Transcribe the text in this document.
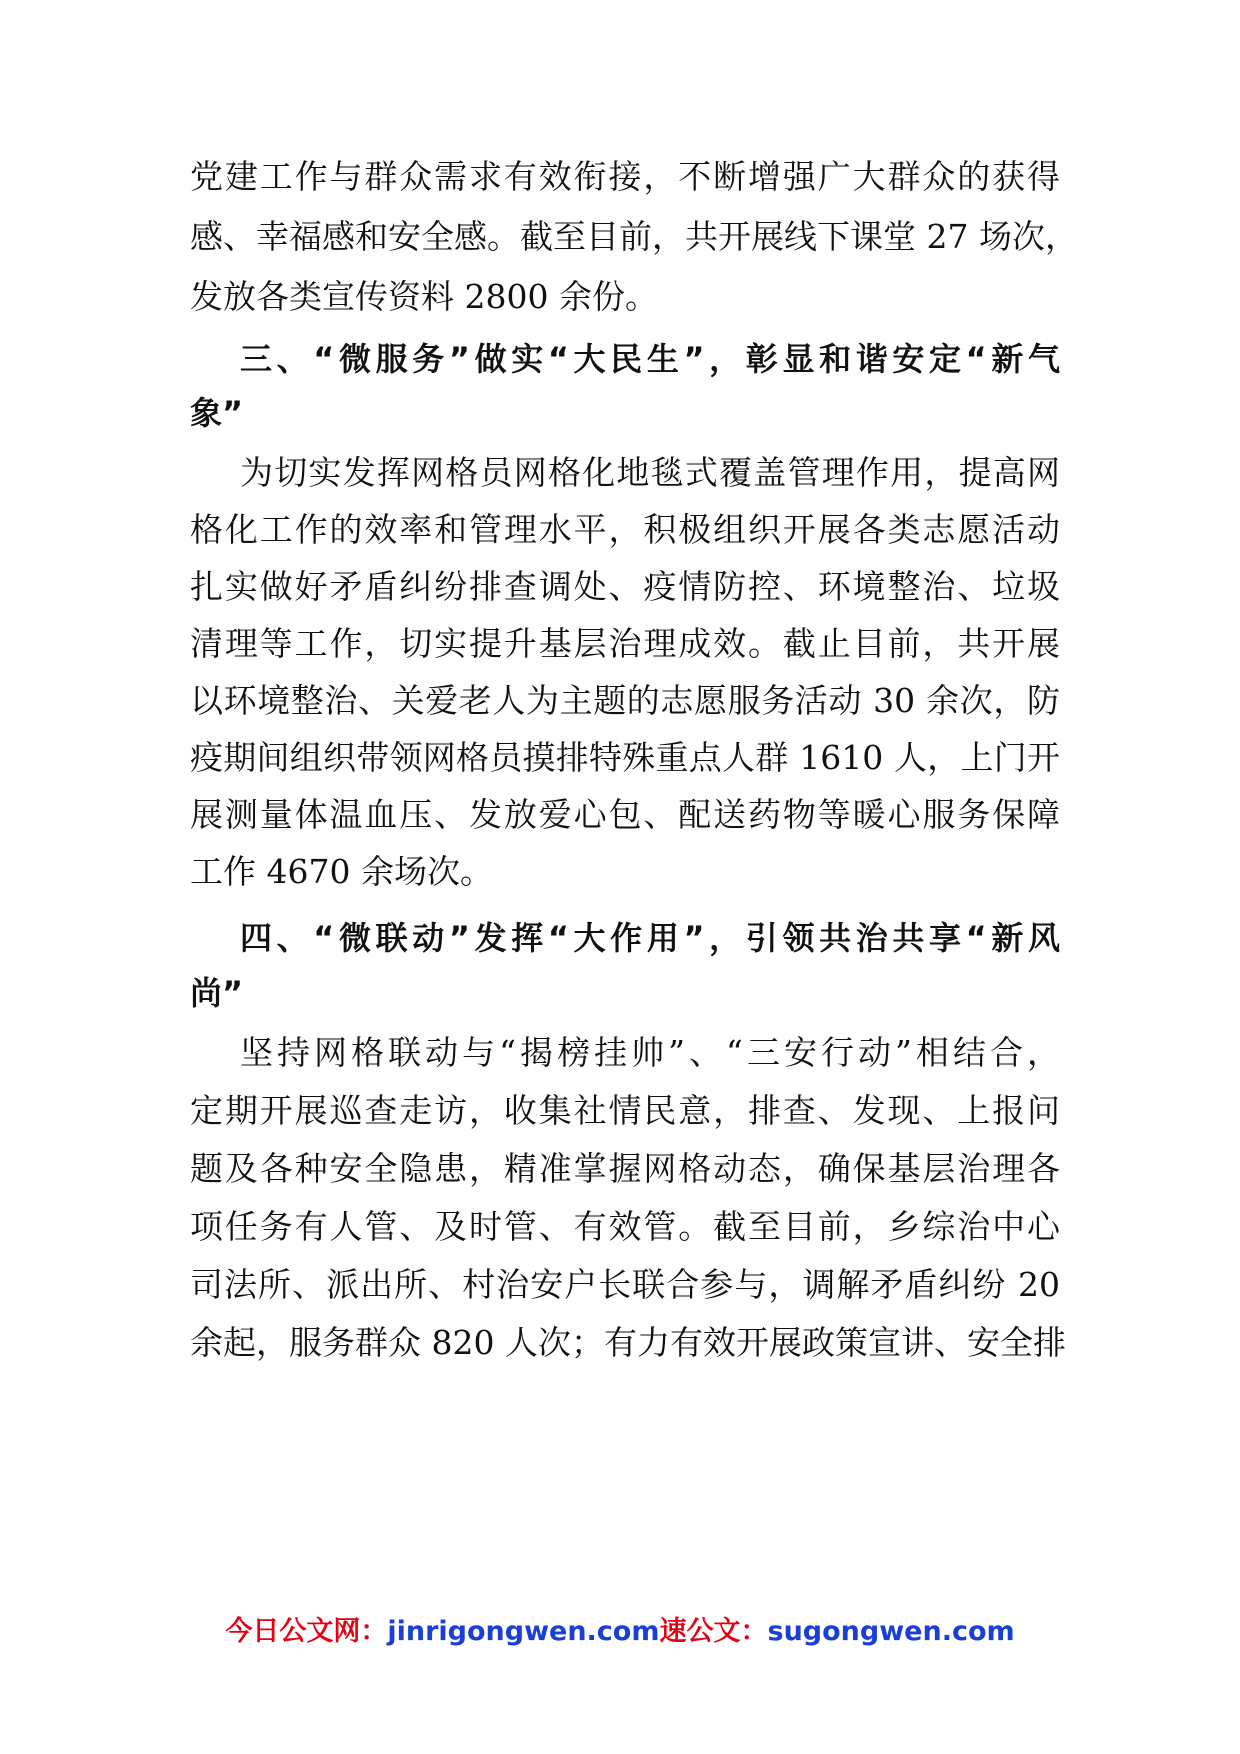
党建工作与群众需求有效衔接，不断增强广大群众的获得
感、幸福感和安全感。截至目前，共开展线下课堂 27 场次，
发放各类宣传资料 2800 余份。
三、“微服务”做实“大民生”，彰显和谐安定“新气
象”
为切实发挥网格员网格化地毯式覆盖管理作用，提高网
格化工作的效率和管理水平，积极组织开展各类志愿活动
扎实做好矛盾纠纷排查调处、疫情防控、环境整治、垃圾
清理等工作，切实提升基层治理成效。截止目前，共开展
以环境整治、关爱老人为主题的志愿服务活动 30 余次，防
疫期间组织带领网格员摸排特殊重点人群 1610 人，上门开
展测量体温血压、发放爱心包、配送药物等暖心服务保障
工作 4670 余场次。
四、“微联动”发挥“大作用”，引领共治共享“新风
尚”
坚持网格联动与“揭榜挂帅”、“三安行动”相结合，
定期开展巡查走访，收集社情民意，排查、发现、上报问
题及各种安全隐患，精准掌握网格动态，确保基层治理各
项任务有人管、及时管、有效管。截至目前，乡综治中心
司法所、派出所、村治安户长联合参与，调解矛盾纠纷 20
余起，服务群众 820 人次；有力有效开展政策宣讲、安全排
今日公文网：jinrigongwen.com速公文：sugongwen.com
